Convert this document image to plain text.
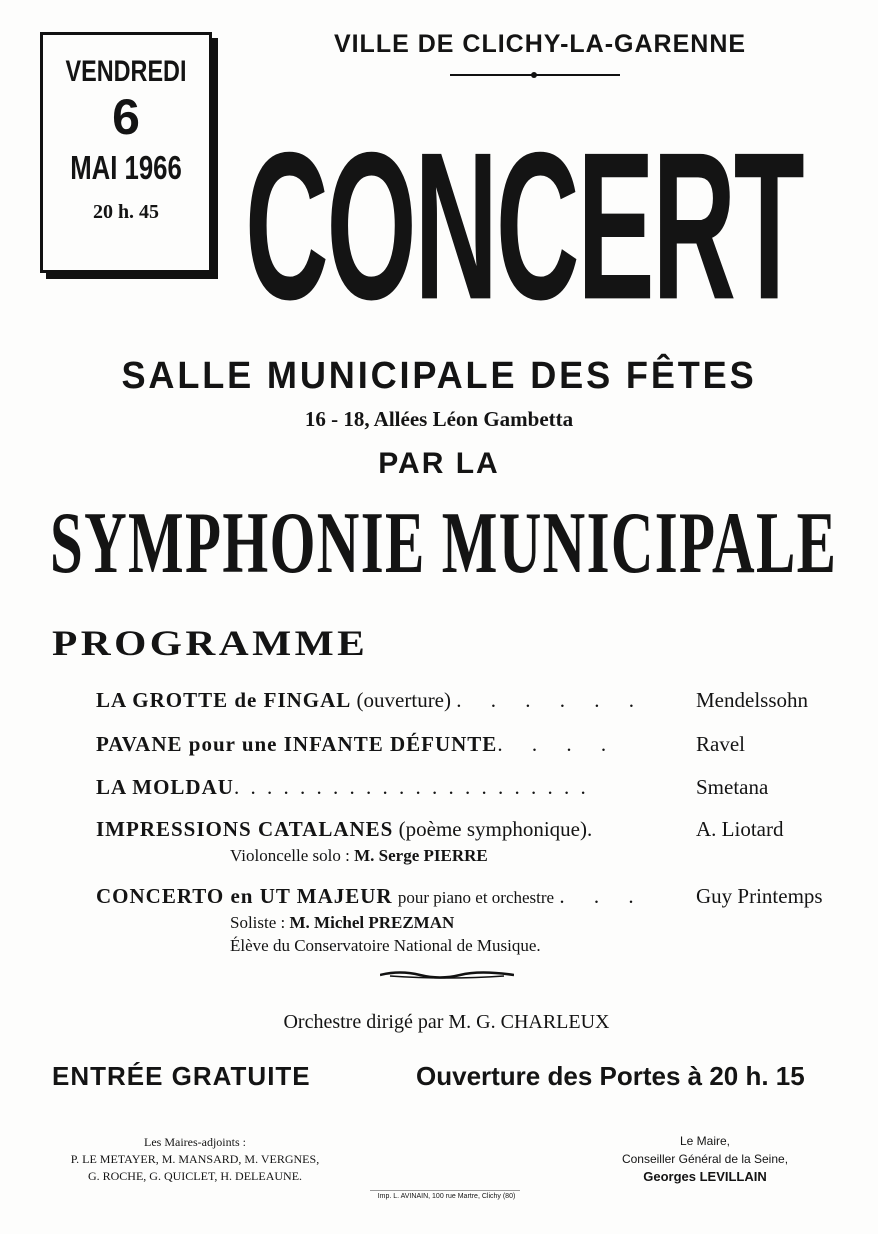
VENDREDI
6
MAI 1966
20 h. 45
VILLE DE CLICHY-LA-GARENNE
CONCERT
SALLE MUNICIPALE DES FÊTES
16 - 18, Allées Léon Gambetta
PAR LA
SYMPHONIE MUNICIPALE
PROGRAMME
LA GROTTE de FINGAL (ouverture) . . . . . . Mendelssohn
PAVANE pour une INFANTE DÉFUNTE. . . .	Ravel
LA MOLDAU. . . . . . . . . . . . . . . . . . . . . .	Smetana
IMPRESSIONS CATALANES (poème symphonique).	A. Liotard
Violoncelle solo : M. Serge PIERRE
CONCERTO en UT MAJEUR pour piano et orchestre . . . Guy Printemps
Soliste : M. Michel PREZMAN
Élève du Conservatoire National de Musique.
Orchestre dirigé par M. G. CHARLEUX
ENTRÉE GRATUITE	Ouverture des Portes à 20 h. 15
Les Maires-adjoints :
P. LE METAYER, M. MANSARD, M. VERGNES,
G. ROCHE, G. QUICLET, H. DELEAUNE.
Le Maire,
Conseiller Général de la Seine,
Georges LEVILLAIN
Imp. L. AVINAIN, 100 rue Martre, Clichy (80)
